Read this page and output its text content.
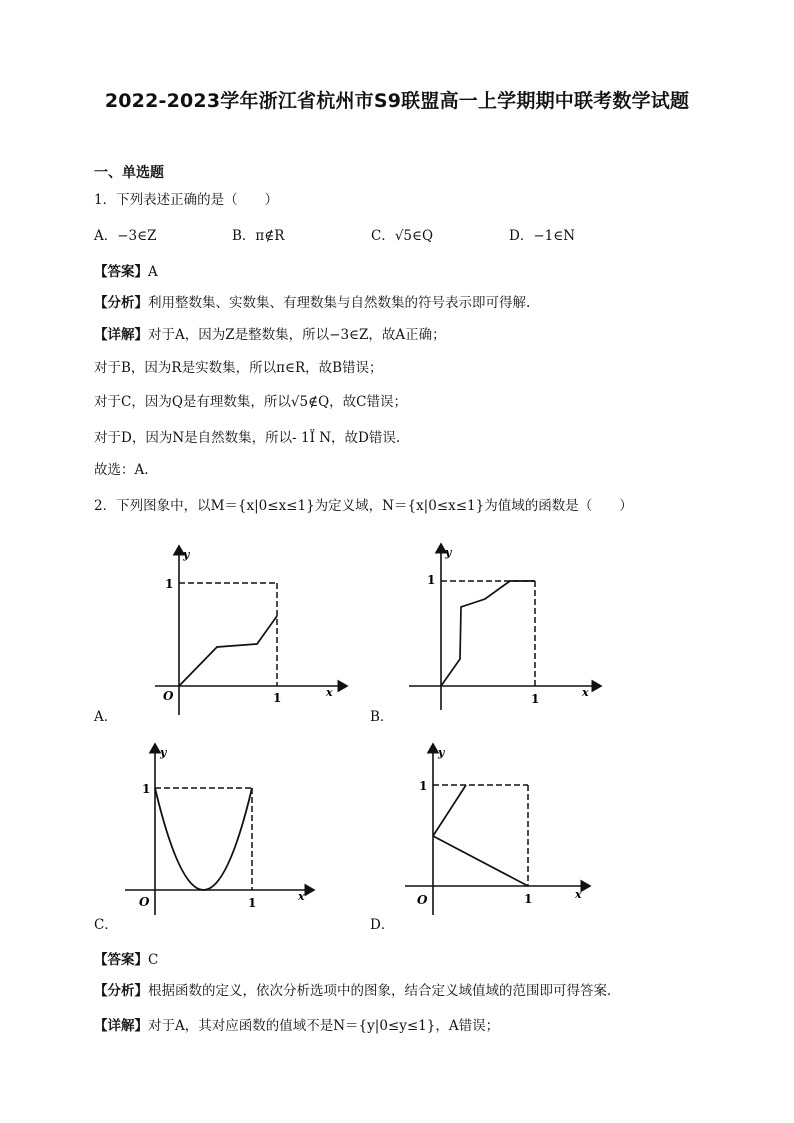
2022-2023学年浙江省杭州市S9联盟高一上学期期中联考数学试题
一、单选题
1．下列表述正确的是（　　）
A．−3∈Z	B．π∉R	C．√5∈Q	D．−1∈N
【答案】A
【分析】利用整数集、实数集、有理数集与自然数集的符号表示即可得解.
【详解】对于A，因为Z是整数集，所以−3∈Z，故A正确；
对于B，因为R是实数集，所以π∈R，故B错误；
对于C，因为Q是有理数集，所以√5∉Q，故C错误；
对于D，因为N是自然数集，所以- 1Ï N，故D错误.
故选：A.
2．下列图象中，以M＝{x|0≤x≤1}为定义域，N＝{x|0≤x≤1}为值域的函数是（　　）
y
x
O
1
1
A．
y
x
1
1
B．
y
x
O
1
1
C．
y
x
O
1
1
D．
【答案】C
【分析】根据函数的定义，依次分析选项中的图象，结合定义域值域的范围即可得答案．
【详解】对于A，其对应函数的值域不是N＝{y|0≤y≤1}，A错误；
